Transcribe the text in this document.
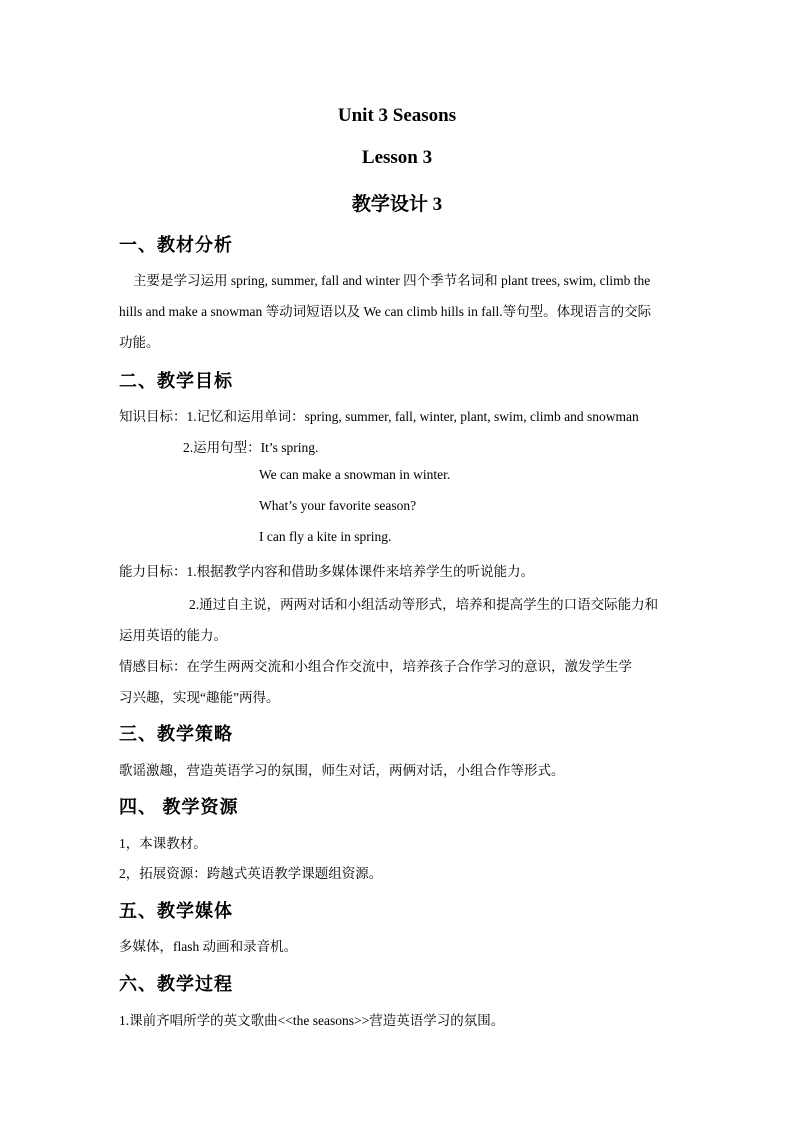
Unit 3 Seasons
Lesson 3
教学设计 3
一、教材分析
主要是学习运用 spring, summer, fall and winter 四个季节名词和 plant trees, swim, climb the
hills and make a snowman 等动词短语以及 We can climb hills in fall.等句型。体现语言的交际
功能。
二、教学目标
知识目标：1.记忆和运用单词：spring, summer, fall, winter, plant, swim, climb and snowman
2.运用句型：It’s spring.
We can make a snowman in winter.
What’s your favorite season?
I can fly a kite in spring.
能力目标：1.根据教学内容和借助多媒体课件来培养学生的听说能力。
2.通过自主说，两两对话和小组活动等形式，培养和提高学生的口语交际能力和
运用英语的能力。
情感目标：在学生两两交流和小组合作交流中，培养孩子合作学习的意识，激发学生学
习兴趣，实现“趣能”两得。
三、教学策略
歌谣激趣，营造英语学习的氛围，师生对话，两俩对话，小组合作等形式。
四、 教学资源
1，本课教材。
2，拓展资源：跨越式英语教学课题组资源。
五、教学媒体
多媒体，flash 动画和录音机。
六、教学过程
1.课前齐唱所学的英文歌曲<<the seasons>>营造英语学习的氛围。
